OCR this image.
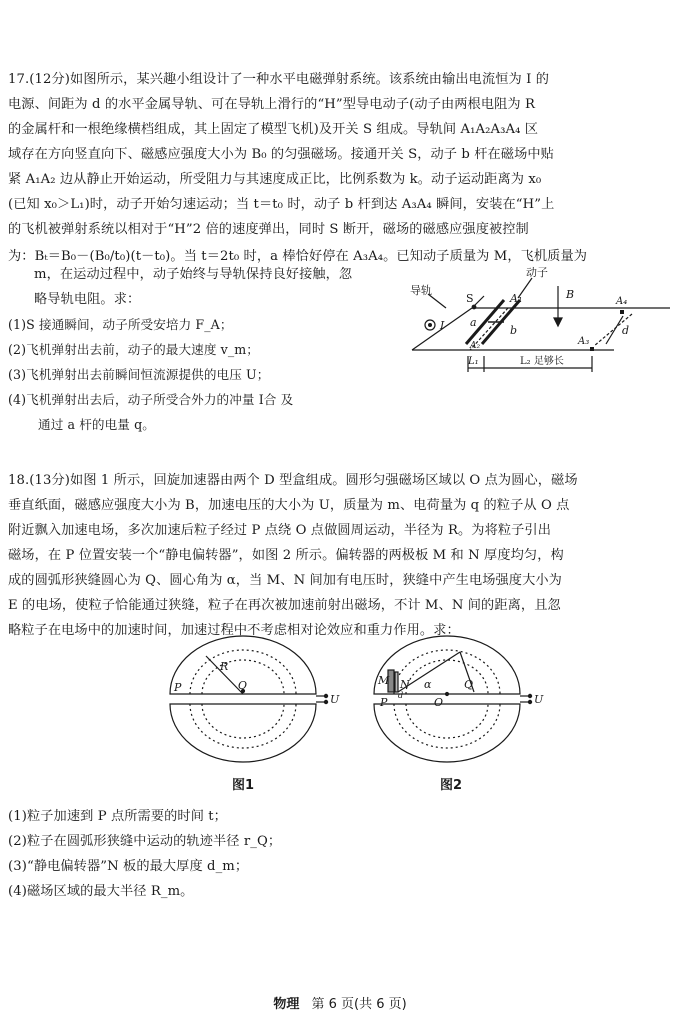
17.(12分)如图所示，某兴趣小组设计了一种水平电磁弹射系统。该系统由输出电流恒为 I 的

电源、间距为 d 的水平金属导轨、可在导轨上滑行的“H”型导电动子(动子由两根电阻为 R

的金属杆和一根绝缘横档组成，其上固定了模型飞机)及开关 S 组成。导轨间 A₁A₂A₃A₄ 区

域存在方向竖直向下、磁感应强度大小为 B₀ 的匀强磁场。接通开关 S，动子 b 杆在磁场中贴

紧 A₁A₂ 边从静止开始运动，所受阻力与其速度成正比，比例系数为 k。动子运动距离为 x₀

(已知 x₀＞L₁)时，动子开始匀速运动；当 t＝t₀ 时，动子 b 杆到达 A₃A₄ 瞬间，安装在“H”上

的飞机被弹射系统以相对于“H”2 倍的速度弹出，同时 S 断开，磁场的磁感应强度被控制

为：Bₜ＝B₀－(B₀/t₀)(t－t₀)。当 t＝2t₀ 时，a 棒恰好停在 A₃A₄。已知动子质量为 M，飞机质量为

m，在运动过程中，动子始终与导轨保持良好接触，忽

略导轨电阻。求：

(1)S 接通瞬间，动子所受安培力 F_A；

(2)飞机弹射出去前，动子的最大速度 v_m；

(3)飞机弹射出去前瞬间恒流源提供的电压 U；

(4)飞机弹射出去后，动子所受合外力的冲量 I合 及

通过 a 杆的电量 q。

导轨
动子
S
I
B
A₁
A₂	A₃
A₄
a
b	d
L₁	L₂ 足够长

18.(13分)如图 1 所示，回旋加速器由两个 D 型盒组成。圆形匀强磁场区域以 O 点为圆心，磁场

垂直纸面，磁感应强度大小为 B，加速电压的大小为 U，质量为 m、电荷量为 q 的粒子从 O 点

附近飘入加速电场，多次加速后粒子经过 P 点绕 O 点做圆周运动，半径为 R。为将粒子引出

磁场，在 P 位置安装一个“静电偏转器”，如图 2 所示。偏转器的两极板 M 和 N 厚度均匀，构

成的圆弧形狭缝圆心为 Q、圆心角为 α，当 M、N 间加有电压时，狭缝中产生电场强度大小为

E 的电场，使粒子恰能通过狭缝，粒子在再次被加速前射出磁场，不计 M、N 间的距离，且忽

略粒子在电场中的加速时间，加速过程中不考虑相对论效应和重力作用。求：

R
O
P
U
图1
M N α	Q
O
P
d	U
图2

(1)粒子加速到 P 点所需要的时间 t；

(2)粒子在圆弧形狭缝中运动的轨迹半径 r_Q；

(3)“静电偏转器”N 板的最大厚度 d_m；

(4)磁场区域的最大半径 R_m。

物理 第 6 页(共 6 页)
